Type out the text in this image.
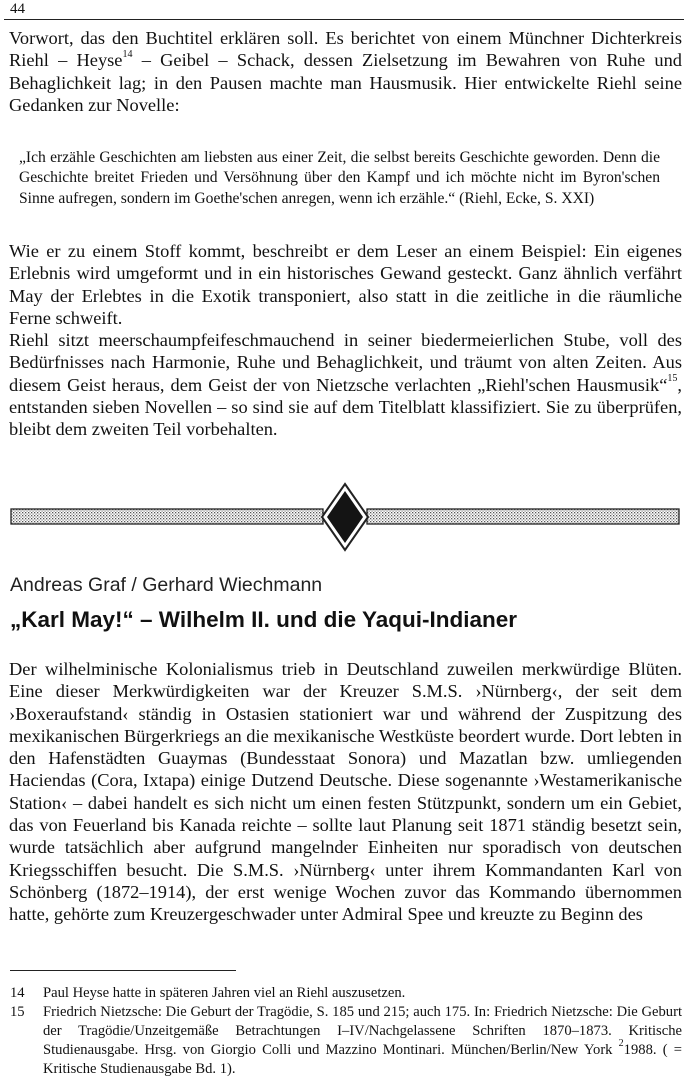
44

Vorwort, das den Buchtitel erklären soll. Es berichtet von einem Münchner Dichterkreis Riehl – Heyse$^{14}$ – Geibel – Schack, dessen Zielsetzung im Bewahren von Ruhe und Behaglichkeit lag; in den Pausen machte man Hausmusik. Hier entwickelte Riehl seine Gedanken zur Novelle:

„Ich erzähle Geschichten am liebsten aus einer Zeit, die selbst bereits Geschichte geworden. Denn die Geschichte breitet Frieden und Versöhnung über den Kampf und ich möchte nicht im Byron'schen Sinne aufregen, sondern im Goethe'schen anregen, wenn ich erzähle.“ (Riehl, Ecke, S. XXI)

Wie er zu einem Stoff kommt, beschreibt er dem Leser an einem Beispiel: Ein eigenes Erlebnis wird umgeformt und in ein historisches Gewand gesteckt. Ganz ähnlich verfährt May der Erlebtes in die Exotik transponiert, also statt in die zeitliche in die räumliche Ferne schweift.

Riehl sitzt meerschaumpfeifeschmauchend in seiner biedermeierlichen Stube, voll des Bedürfnisses nach Harmonie, Ruhe und Behaglichkeit, und träumt von alten Zeiten. Aus diesem Geist heraus, dem Geist der von Nietzsche verlachten „Riehl'schen Hausmusik“$^{15}$, entstanden sieben Novellen – so sind sie auf dem Titelblatt klassifiziert. Sie zu überprüfen, bleibt dem zweiten Teil vorbehalten.

Andreas Graf / Gerhard Wiechmann
„Karl May!“ – Wilhelm II. und die Yaqui-Indianer

Der wilhelminische Kolonialismus trieb in Deutschland zuweilen merkwürdige Blüten. Eine dieser Merkwürdigkeiten war der Kreuzer S.M.S. ›Nürnberg‹, der seit dem ›Boxeraufstand‹ ständig in Ostasien stationiert war und während der Zuspitzung des mexikanischen Bürgerkriegs an die mexikanische Westküste beordert wurde. Dort lebten in den Hafenstädten Guaymas (Bundesstaat Sonora) und Mazatlan bzw. umliegenden Haciendas (Cora, Ixtapa) einige Dutzend Deutsche. Diese sogenannte ›Westamerikanische Station‹ – dabei handelt es sich nicht um einen festen Stützpunkt, sondern um ein Gebiet, das von Feuerland bis Kanada reichte – sollte laut Planung seit 1871 ständig besetzt sein, wurde tatsächlich aber aufgrund mangelnder Einheiten nur sporadisch von deutschen Kriegsschiffen besucht. Die S.M.S. ›Nürnberg‹ unter ihrem Kommandanten Karl von Schönberg (1872–1914), der erst wenige Wochen zuvor das Kommando übernommen hatte, gehörte zum Kreuzergeschwader unter Admiral Spee und kreuzte zu Beginn des

14	Paul Heyse hatte in späteren Jahren viel an Riehl auszusetzen.
15	Friedrich Nietzsche: Die Geburt der Tragödie, S. 185 und 215; auch 175. In: Friedrich Nietzsche: Die Geburt der Tragödie/Unzeitgemäße Betrachtungen I–IV/Nachgelassene Schriften 1870–1873. Kritische Studienausgabe. Hrsg. von Giorgio Colli und Mazzino Montinari. München/Berlin/New York $^2$1988. ( = Kritische Studienausgabe Bd. 1).
